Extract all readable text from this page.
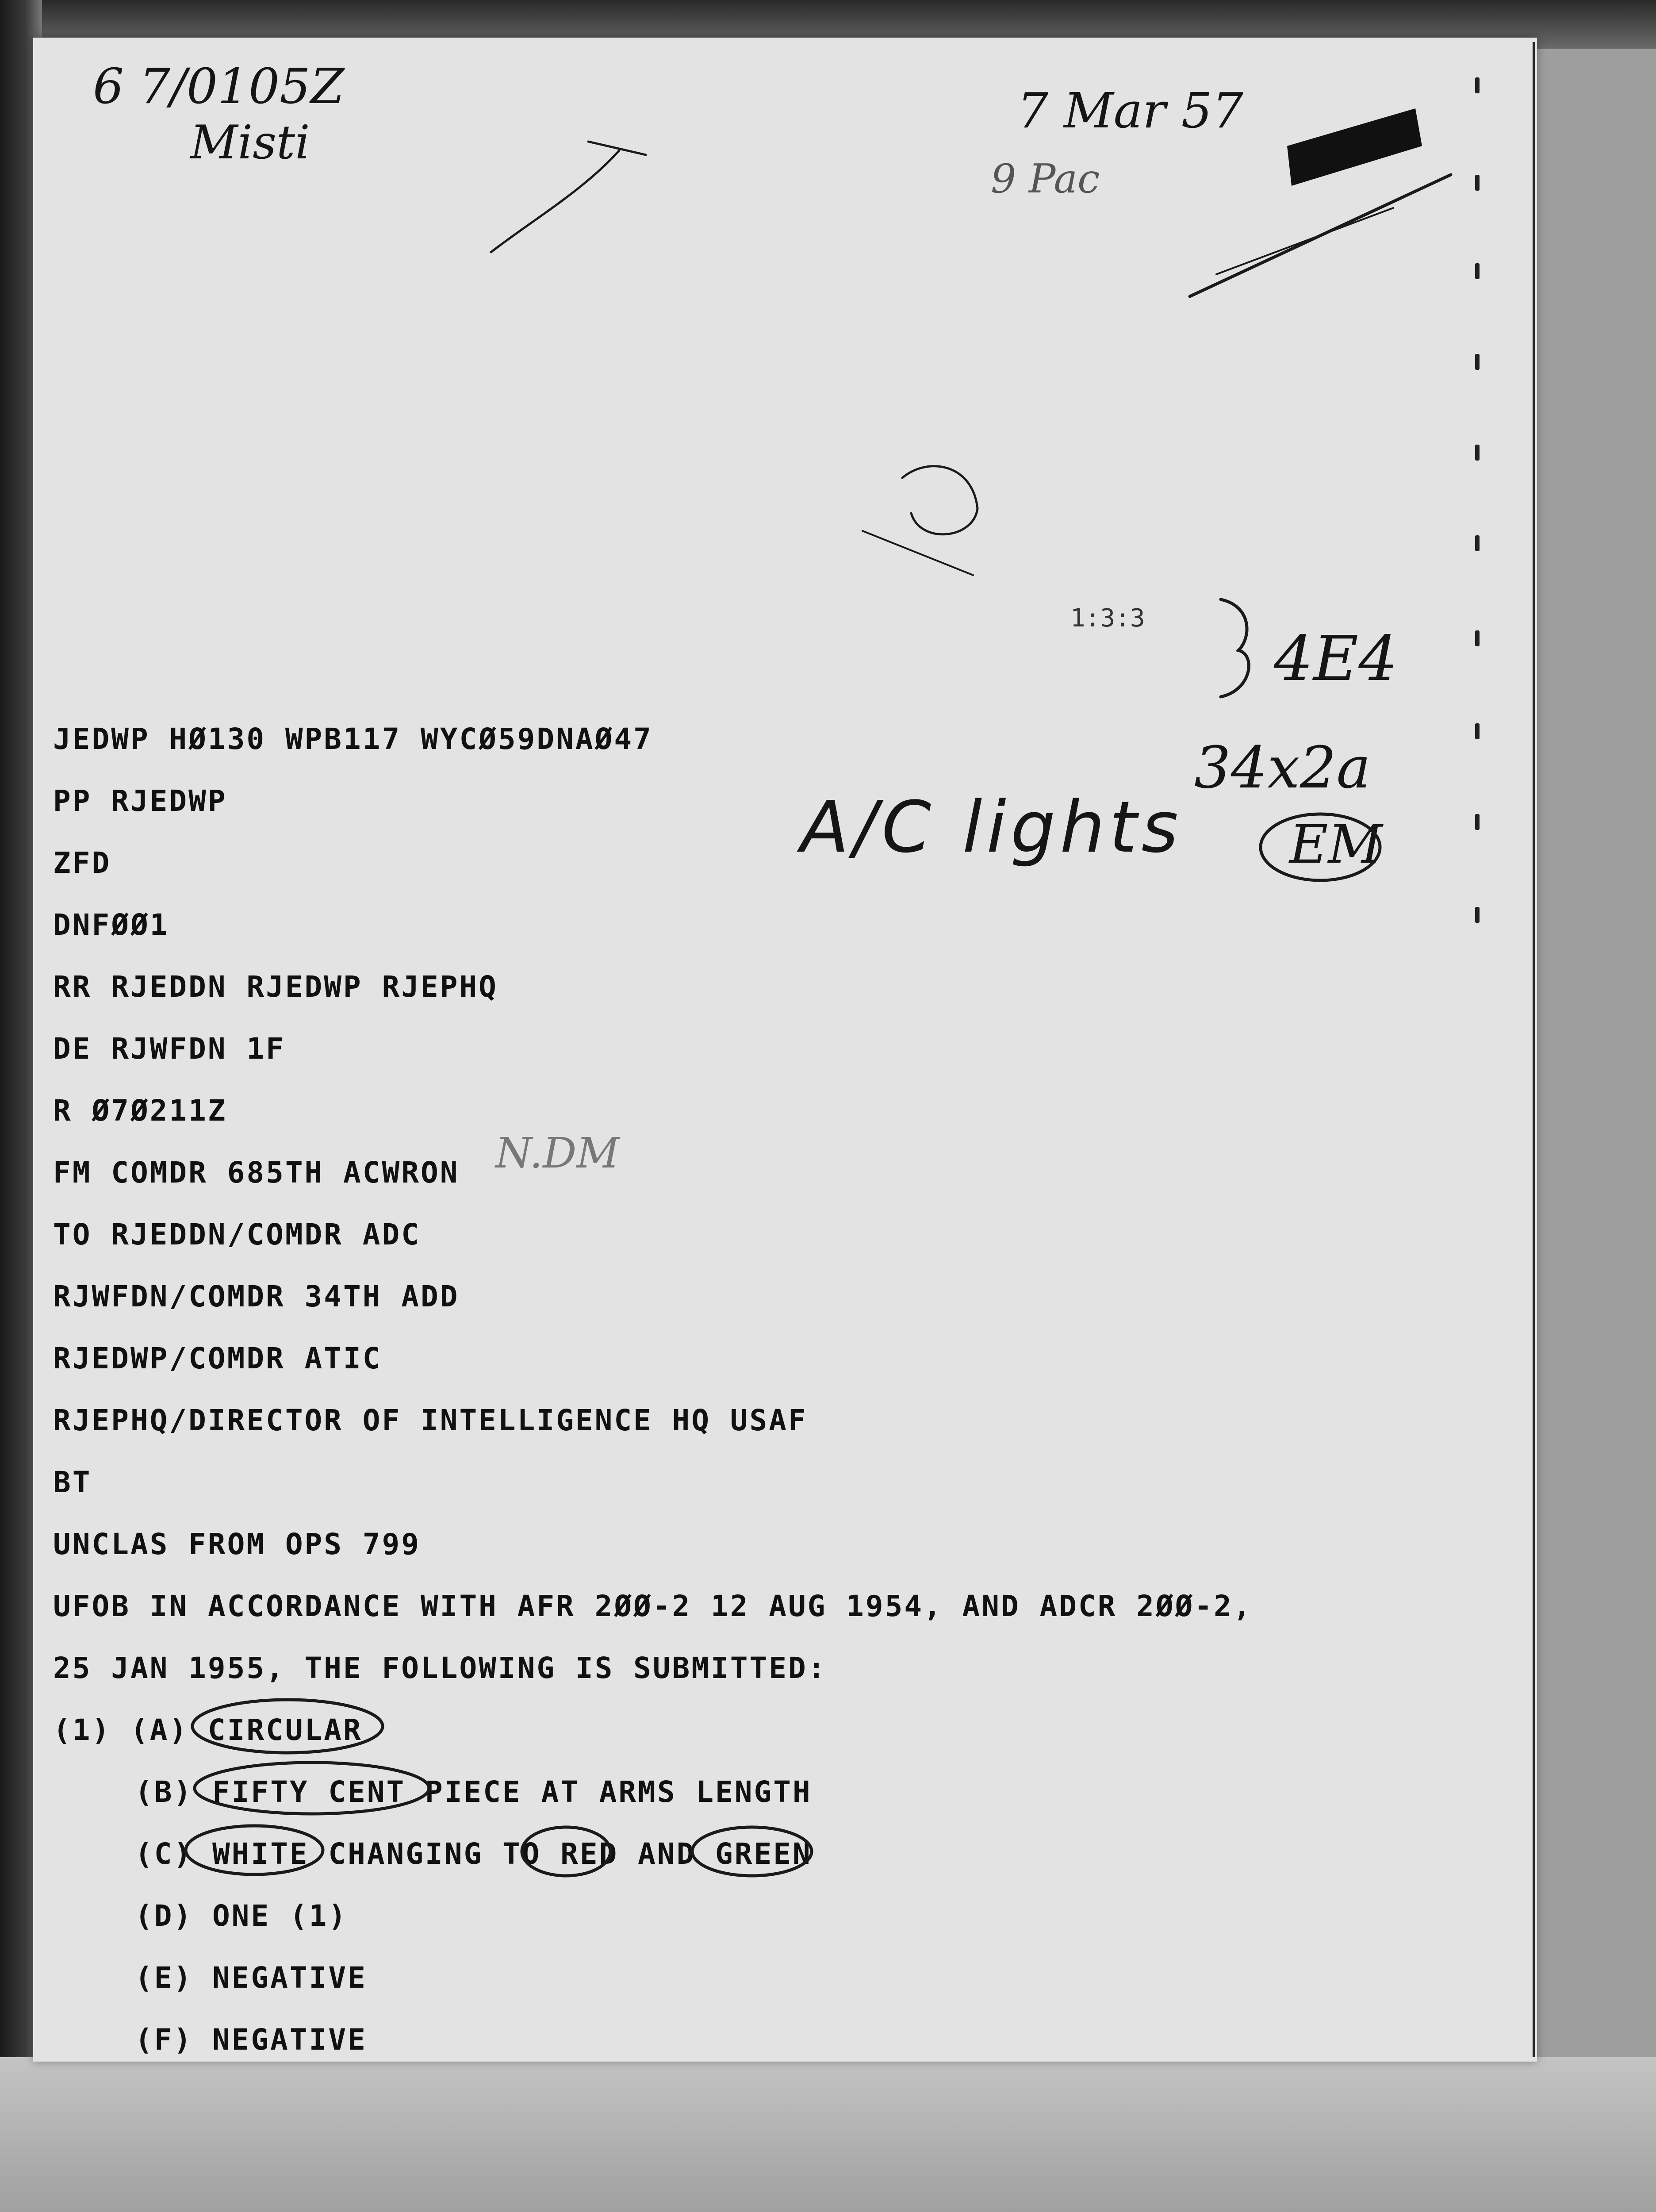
6 7/0105Z
Misti
7 Mar 57
9 Pac
4E4
34x2a
EM
A/C lights
N.DM
1:3:3
JEDWP HØ130 WPB117 WYCØ59DNAØ47
PP RJEDWP
ZFD
DNFØØ1
RR RJEDDN RJEDWP RJEPHQ
DE RJWFDN 1F
R Ø7Ø211Z
FM COMDR 685TH ACWRON
TO RJEDDN/COMDR ADC
RJWFDN/COMDR 34TH ADD
RJEDWP/COMDR ATIC
RJEPHQ/DIRECTOR OF INTELLIGENCE HQ USAF
BT
UNCLAS FROM OPS 799
UFOB IN ACCORDANCE WITH AFR 2ØØ-2 12 AUG 1954, AND ADCR 2ØØ-2,
25 JAN 1955, THE FOLLOWING IS SUBMITTED:
(1) (A) CIRCULAR
(B) FIFTY CENT PIECE AT ARMS LENGTH
(C) WHITE CHANGING TO RED AND GREEN
(D) ONE (1)
(E) NEGATIVE
(F) NEGATIVE
